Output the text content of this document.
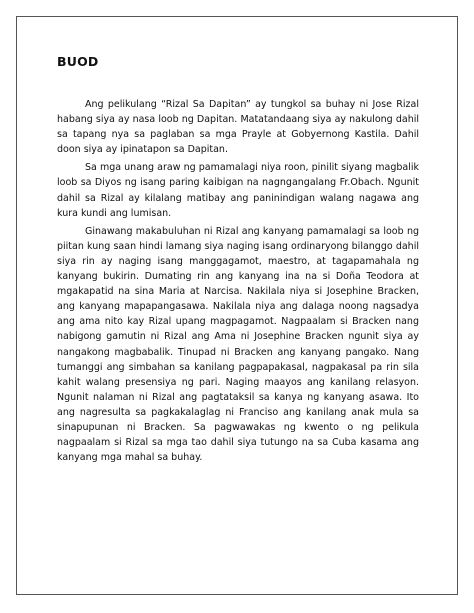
BUOD

Ang pelikulang “Rizal Sa Dapitan” ay tungkol sa buhay ni Jose Rizal habang siya ay nasa loob ng Dapitan. Matatandaang siya ay nakulong dahil sa tapang nya sa paglaban sa mga Prayle at Gobyernong Kastila. Dahil doon siya ay ipinatapon sa Dapitan.

Sa mga unang araw ng pamamalagi niya roon, pinilit siyang magbalik loob sa Diyos ng isang paring kaibigan na nagngangalang Fr.Obach. Ngunit dahil sa Rizal ay kilalang matibay ang paninindigan walang nagawa ang kura kundi ang lumisan.

Ginawang makabuluhan ni Rizal ang kanyang pamamalagi sa loob ng piitan kung saan hindi lamang siya naging isang ordinaryong bilanggo dahil siya rin ay naging isang manggagamot, maestro, at tagapamahala ng kanyang bukirin. Dumating rin ang kanyang ina na si Doña Teodora at mgakapatid na sina Maria at Narcisa. Nakilala niya si Josephine Bracken, ang kanyang mapapangasawa. Nakilala niya ang dalaga noong nagsadya ang ama nito kay Rizal upang magpagamot. Nagpaalam si Bracken nang nabigong gamutin ni Rizal ang Ama ni Josephine Bracken ngunit siya ay nangakong magbabalik. Tinupad ni Bracken ang kanyang pangako. Nang tumanggi ang simbahan sa kanilang pagpapakasal, nagpakasal pa rin sila kahit walang presensiya ng pari. Naging maayos ang kanilang relasyon. Ngunit nalaman ni Rizal ang pagtataksil sa kanya ng kanyang asawa. Ito ang nagresulta sa pagkakalaglag ni Franciso ang kanilang anak mula sa sinapupunan ni Bracken. Sa pagwawakas ng kwento o ng pelikula nagpaalam si Rizal sa mga tao dahil siya tutungo na sa Cuba kasama ang kanyang mga mahal sa buhay.
